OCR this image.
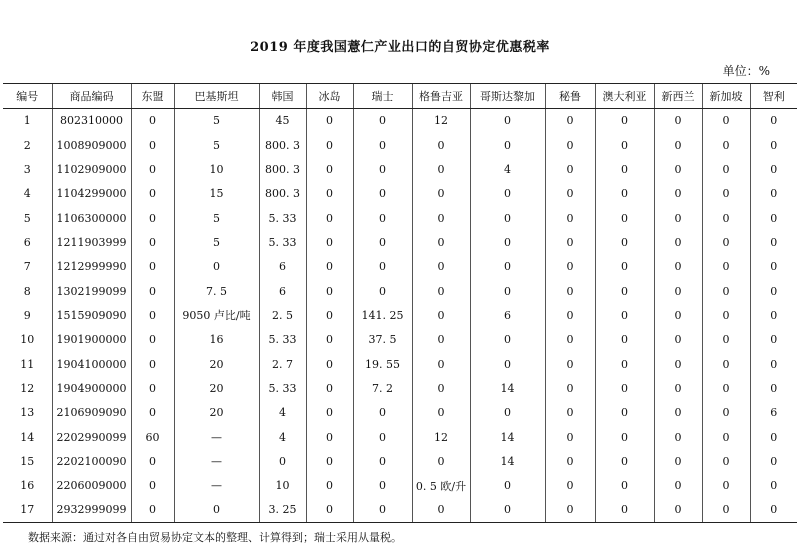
2019 年度我国薏仁产业出口的自贸协定优惠税率
单位：%
编号	商品编码	东盟	巴基斯坦	韩国	冰岛	瑞士	格鲁吉亚	哥斯达黎加	秘鲁	澳大利亚	新西兰	新加坡	智利
1	802310000	0	5	45	0	0	12	0	0	0	0	0	0
2	1008909000	0	5	800. 3	0	0	0	0	0	0	0	0	0
3	1102909000	0	10	800. 3	0	0	0	4	0	0	0	0	0
4	1104299000	0	15	800. 3	0	0	0	0	0	0	0	0	0
5	1106300000	0	5	5. 33	0	0	0	0	0	0	0	0	0
6	1211903999	0	5	5. 33	0	0	0	0	0	0	0	0	0
7	1212999990	0	0	6	0	0	0	0	0	0	0	0	0
8	1302199099	0	7. 5	6	0	0	0	0	0	0	0	0	0
9	1515909090	0	9050 卢比/吨	2. 5	0	141. 25	0	6	0	0	0	0	0
10	1901900000	0	16	5. 33	0	37. 5	0	0	0	0	0	0	0
11	1904100000	0	20	2. 7	0	19. 55	0	0	0	0	0	0	0
12	1904900000	0	20	5. 33	0	7. 2	0	14	0	0	0	0	0
13	2106909090	0	20	4	0	0	0	0	0	0	0	0	6
14	2202990099	60	—	4	0	0	12	14	0	0	0	0	0
15	2202100090	0	—	0	0	0	0	14	0	0	0	0	0
16	2206009000	0	—	10	0	0	0. 5 欧/升	0	0	0	0	0	0
17	2932999099	0	0	3. 25	0	0	0	0	0	0	0	0	0
数据来源：通过对各自由贸易协定文本的整理、计算得到；瑞士采用从量税。
